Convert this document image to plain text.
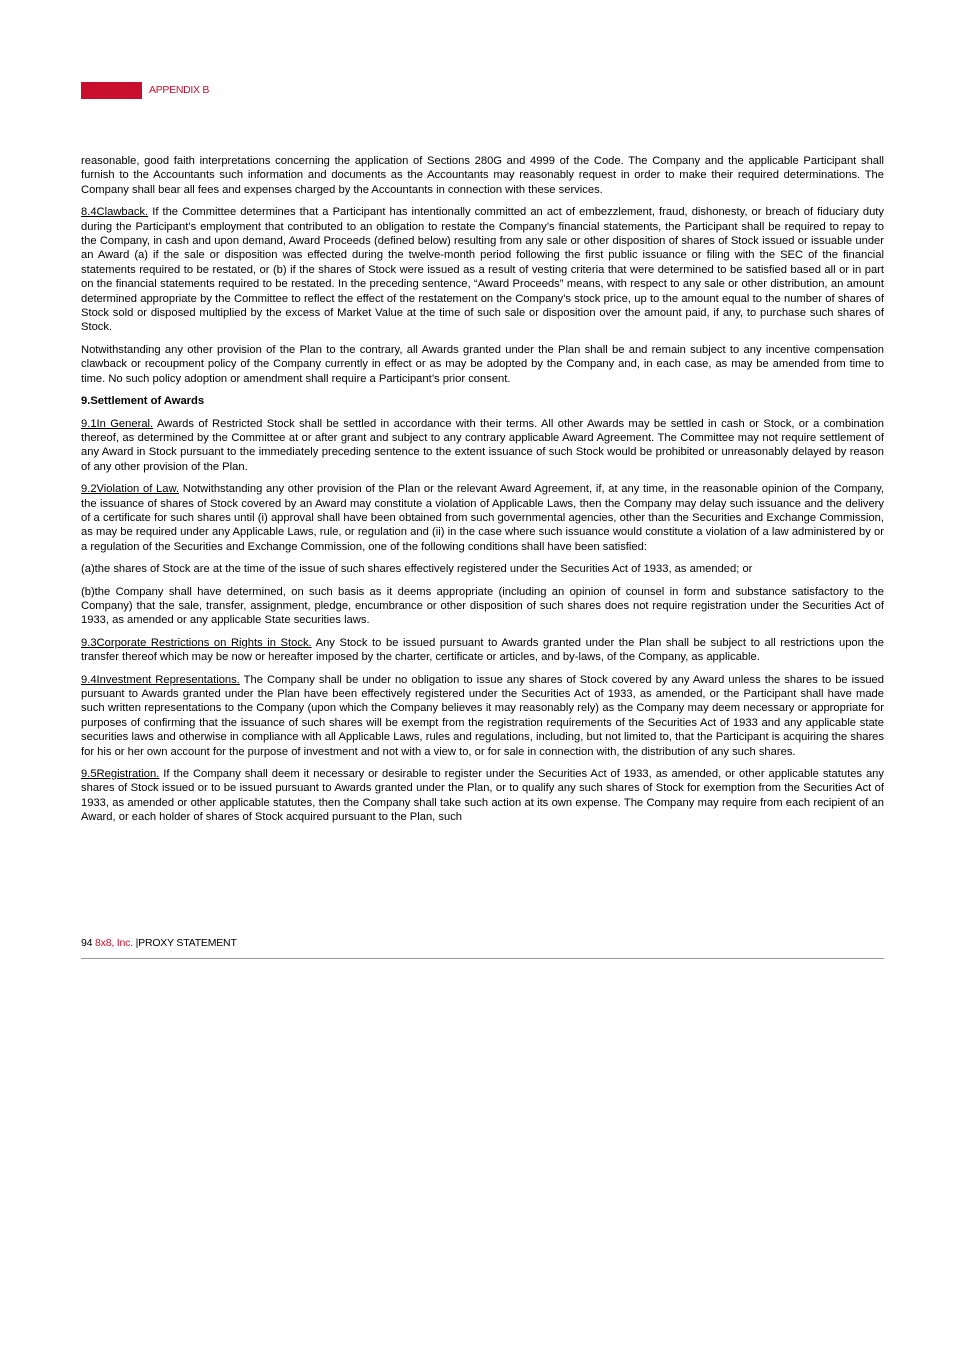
APPENDIX B

reasonable, good faith interpretations concerning the application of Sections 280G and 4999 of the Code. The Company and the applicable Participant shall furnish to the Accountants such information and documents as the Accountants may reasonably request in order to make their required determinations. The Company shall bear all fees and expenses charged by the Accountants in connection with these services.

8.4Clawback. If the Committee determines that a Participant has intentionally committed an act of embezzlement, fraud, dishonesty, or breach of fiduciary duty during the Participant’s employment that contributed to an obligation to restate the Company’s financial statements, the Participant shall be required to repay to the Company, in cash and upon demand, Award Proceeds (defined below) resulting from any sale or other disposition of shares of Stock issued or issuable under an Award (a) if the sale or disposition was effected during the twelve-month period following the first public issuance or filing with the SEC of the financial statements required to be restated, or (b) if the shares of Stock were issued as a result of vesting criteria that were determined to be satisfied based all or in part on the financial statements required to be restated. In the preceding sentence, “Award Proceeds” means, with respect to any sale or other distribution, an amount determined appropriate by the Committee to reflect the effect of the restatement on the Company’s stock price, up to the amount equal to the number of shares of Stock sold or disposed multiplied by the excess of Market Value at the time of such sale or disposition over the amount paid, if any, to purchase such shares of Stock.

Notwithstanding any other provision of the Plan to the contrary, all Awards granted under the Plan shall be and remain subject to any incentive compensation clawback or recoupment policy of the Company currently in effect or as may be adopted by the Company and, in each case, as may be amended from time to time. No such policy adoption or amendment shall require a Participant’s prior consent.

9.Settlement of Awards

9.1In General. Awards of Restricted Stock shall be settled in accordance with their terms. All other Awards may be settled in cash or Stock, or a combination thereof, as determined by the Committee at or after grant and subject to any contrary applicable Award Agreement. The Committee may not require settlement of any Award in Stock pursuant to the immediately preceding sentence to the extent issuance of such Stock would be prohibited or unreasonably delayed by reason of any other provision of the Plan.

9.2Violation of Law. Notwithstanding any other provision of the Plan or the relevant Award Agreement, if, at any time, in the reasonable opinion of the Company, the issuance of shares of Stock covered by an Award may constitute a violation of Applicable Laws, then the Company may delay such issuance and the delivery of a certificate for such shares until (i) approval shall have been obtained from such governmental agencies, other than the Securities and Exchange Commission, as may be required under any Applicable Laws, rule, or regulation and (ii) in the case where such issuance would constitute a violation of a law administered by or a regulation of the Securities and Exchange Commission, one of the following conditions shall have been satisfied:

(a)the shares of Stock are at the time of the issue of such shares effectively registered under the Securities Act of 1933, as amended; or

(b)the Company shall have determined, on such basis as it deems appropriate (including an opinion of counsel in form and substance satisfactory to the Company) that the sale, transfer, assignment, pledge, encumbrance or other disposition of such shares does not require registration under the Securities Act of 1933, as amended or any applicable State securities laws.

9.3Corporate Restrictions on Rights in Stock. Any Stock to be issued pursuant to Awards granted under the Plan shall be subject to all restrictions upon the transfer thereof which may be now or hereafter imposed by the charter, certificate or articles, and by-laws, of the Company, as applicable.

9.4Investment Representations. The Company shall be under no obligation to issue any shares of Stock covered by any Award unless the shares to be issued pursuant to Awards granted under the Plan have been effectively registered under the Securities Act of 1933, as amended, or the Participant shall have made such written representations to the Company (upon which the Company believes it may reasonably rely) as the Company may deem necessary or appropriate for purposes of confirming that the issuance of such shares will be exempt from the registration requirements of the Securities Act of 1933 and any applicable state securities laws and otherwise in compliance with all Applicable Laws, rules and regulations, including, but not limited to, that the Participant is acquiring the shares for his or her own account for the purpose of investment and not with a view to, or for sale in connection with, the distribution of any such shares.

9.5Registration. If the Company shall deem it necessary or desirable to register under the Securities Act of 1933, as amended, or other applicable statutes any shares of Stock issued or to be issued pursuant to Awards granted under the Plan, or to qualify any such shares of Stock for exemption from the Securities Act of 1933, as amended or other applicable statutes, then the Company shall take such action at its own expense. The Company may require from each recipient of an Award, or each holder of shares of Stock acquired pursuant to the Plan, such

94 8x8, Inc. |PROXY STATEMENT
